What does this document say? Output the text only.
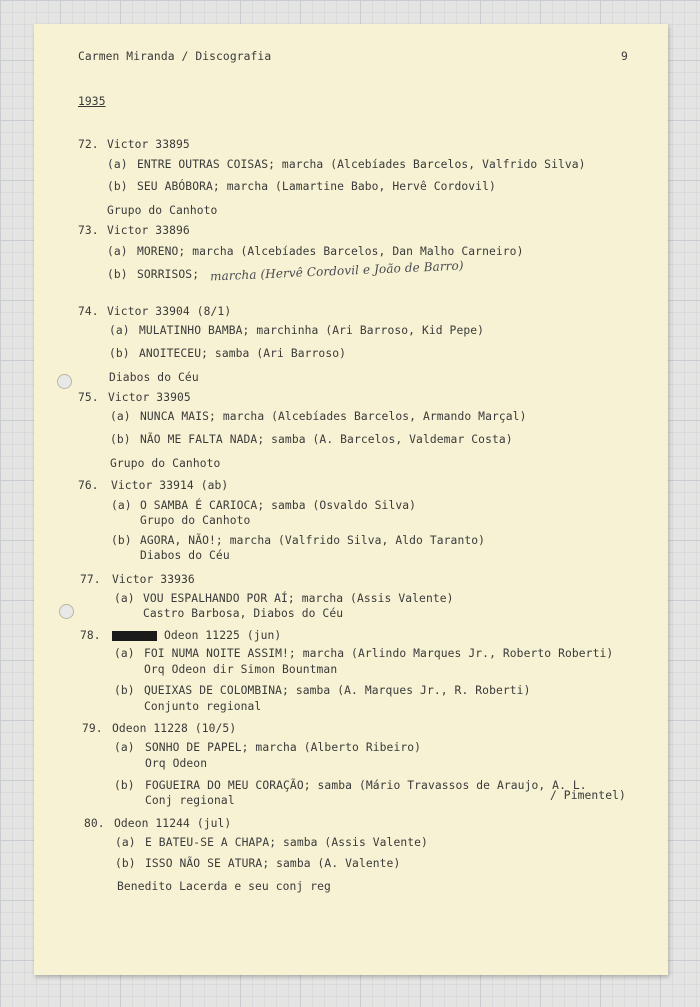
Carmen Miranda / Discografia	9

1935

72. Victor 33895

(a) ENTRE OUTRAS COISAS; marcha (Alcebíades Barcelos, Valfrido Silva)

(b) SEU ABÓBORA; marcha (Lamartine Babo, Hervê Cordovil)

Grupo do Canhoto

73. Victor 33896

(a) MORENO; marcha (Alcebíades Barcelos, Dan Malho Carneiro)

(b) SORRISOS; marcha (Hervê Cordovil e João de Barro)

74. Victor 33904 (8/1)

(a) MULATINHO BAMBA; marchinha (Ari Barroso, Kid Pepe)

(b) ANOITECEU; samba (Ari Barroso)

Diabos do Céu

75. Victor 33905

(a) NUNCA MAIS; marcha (Alcebíades Barcelos, Armando Marçal)

(b) NÃO ME FALTA NADA; samba (A. Barcelos, Valdemar Costa)

Grupo do Canhoto

76. Victor 33914 (ab)

(a) O SAMBA É CARIOCA; samba (Osvaldo Silva)

Grupo do Canhoto

(b) AGORA, NÃO!; marcha (Valfrido Silva, Aldo Taranto)

Diabos do Céu

77. Victor 33936

(a) VOU ESPALHANDO POR AÍ; marcha (Assis Valente)

Castro Barbosa, Diabos do Céu

78.	Odeon 11225 (jun)

(a) FOI NUMA NOITE ASSIM!; marcha (Arlindo Marques Jr., Roberto Roberti)

Orq Odeon dir Simon Bountman

(b) QUEIXAS DE COLOMBINA; samba (A. Marques Jr., R. Roberti)

Conjunto regional

79. Odeon 11228 (10/5)

(a) SONHO DE PAPEL; marcha (Alberto Ribeiro)

Orq Odeon

(b) FOGUEIRA DO MEU CORAÇÃO; samba (Mário Travassos de Araujo, A. L.

Conj regional	/ Pimentel)

80. Odeon 11244 (jul)

(a) E BATEU-SE A CHAPA; samba (Assis Valente)

(b) ISSO NÃO SE ATURA; samba (A. Valente)

Benedito Lacerda e seu conj reg
